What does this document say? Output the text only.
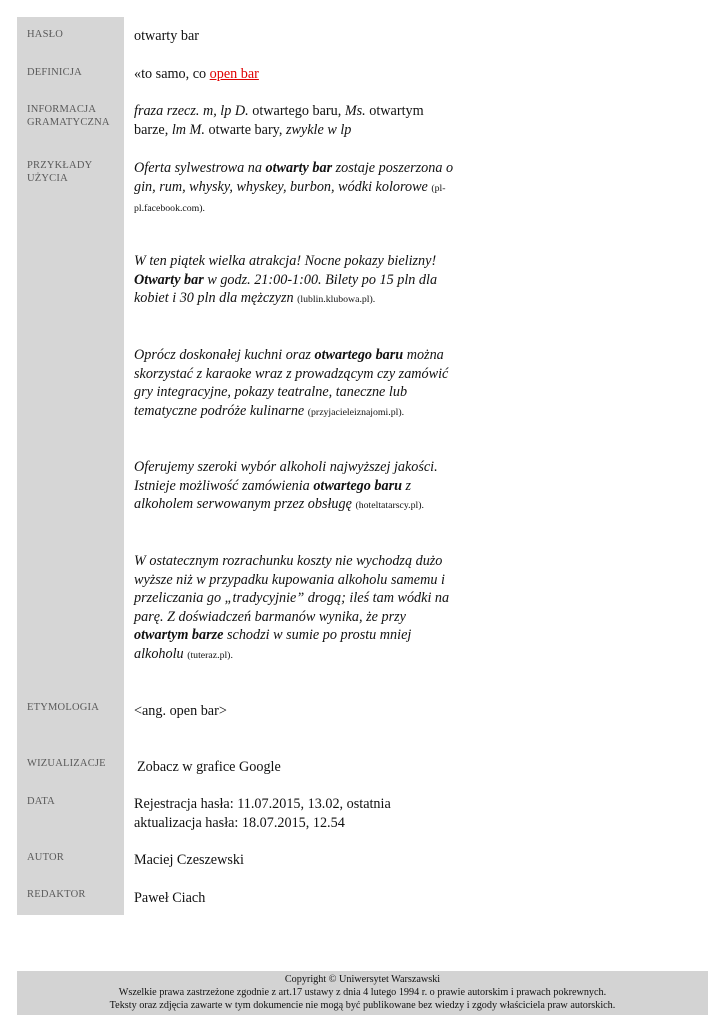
HASŁO
DEFINICJA
INFORMACJA
GRAMATYCZNA
PRZYKŁADY
UŻYCIA
ETYMOLOGIA
WIZUALIZACJE
DATA
AUTOR
REDAKTOR
otwarty bar
«to samo, co open bar
fraza rzecz. m, lp D. otwartego baru, Ms. otwartym barze, lm M. otwarte bary, zwykle w lp
Oferta sylwestrowa na otwarty bar zostaje poszerzona o gin, rum, whysky, whyskey, burbon, wódki kolorowe (pl-pl.facebook.com).
W ten piątek wielka atrakcja! Nocne pokazy bielizny! Otwarty bar w godz. 21:00-1:00. Bilety po 15 pln dla kobiet i 30 pln dla mężczyzn (lublin.klubowa.pl).
Oprócz doskonałej kuchni oraz otwartego baru można skorzystać z karaoke wraz z prowadzącym czy zamówić gry integracyjne, pokazy teatralne, taneczne lub tematyczne podróże kulinarne (przyjacieleiznajomi.pl).
Oferujemy szeroki wybór alkoholi najwyższej jakości. Istnieje możliwość zamówienia otwartego baru z alkoholem serwowanym przez obsługę (hoteltatarscy.pl).
W ostatecznym rozrachunku koszty nie wychodzą dużo wyższe niż w przypadku kupowania alkoholu samemu i przeliczania go „tradycyjnie” drogą; ileś tam wódki na parę. Z doświadczeń barmanów wynika, że przy otwartym barze schodzi w sumie po prostu mniej alkoholu (tuteraz.pl).
<ang. open bar>
Zobacz w grafice Google
Rejestracja hasła: 11.07.2015, 13.02, ostatnia
aktualizacja hasła: 18.07.2015, 12.54
Maciej Czeszewski
Paweł Ciach
Copyright © Uniwersytet Warszawski
Wszelkie prawa zastrzeżone zgodnie z art.17 ustawy z dnia 4 lutego 1994 r. o prawie autorskim i prawach pokrewnych.
Teksty oraz zdjęcia zawarte w tym dokumencie nie mogą być publikowane bez wiedzy i zgody właściciela praw autorskich.
